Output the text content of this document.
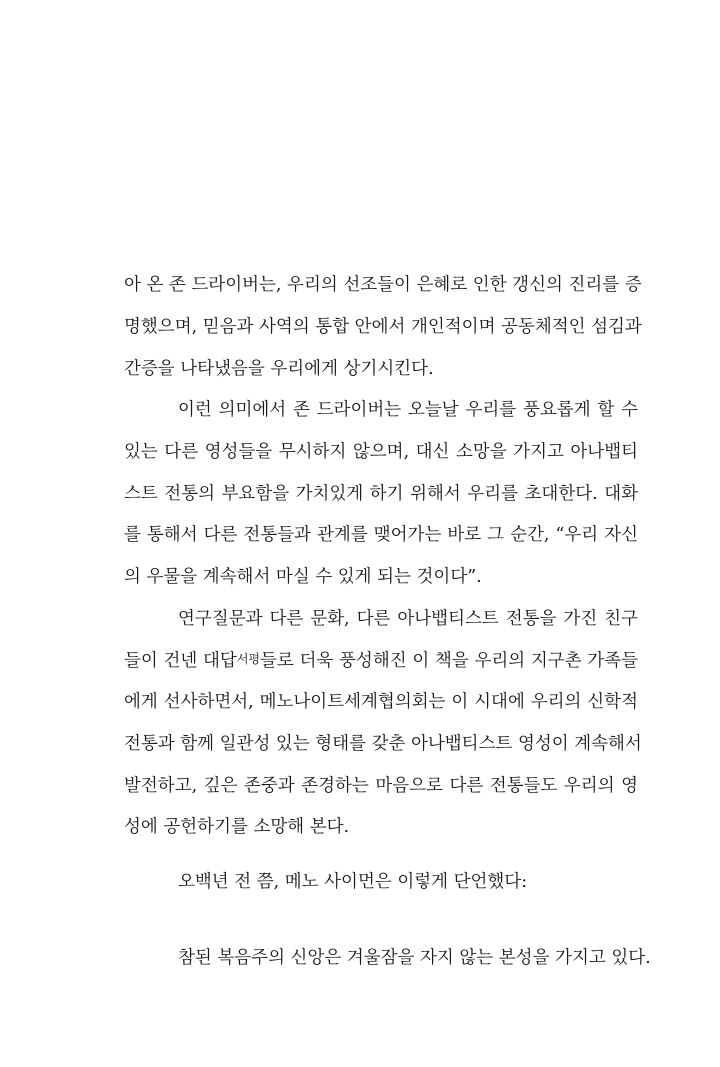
아 온 존 드라이버는, 우리의 선조들이 은혜로 인한 갱신의 진리를 증
명했으며, 믿음과 사역의 통합 안에서 개인적이며 공동체적인 섬김과
간증을 나타냈음을 우리에게 상기시킨다.
이런 의미에서 존 드라이버는 오늘날 우리를 풍요롭게 할 수
있는 다른 영성들을 무시하지 않으며, 대신 소망을 가지고 아나뱁티
스트 전통의 부요함을 가치있게 하기 위해서 우리를 초대한다. 대화
를 통해서 다른 전통들과 관계를 맺어가는 바로 그 순간, “우리 자신
의 우물을 계속해서 마실 수 있게 되는 것이다”.
연구질문과 다른 문화, 다른 아나뱁티스트 전통을 가진 친구
들이 건넨 대답서평들로 더욱 풍성해진 이 책을 우리의 지구촌 가족들
에게 선사하면서, 메노나이트세계협의회는 이 시대에 우리의 신학적
전통과 함께 일관성 있는 형태를 갖춘 아나뱁티스트 영성이 계속해서
발전하고, 깊은 존중과 존경하는 마음으로 다른 전통들도 우리의 영
성에 공헌하기를 소망해 본다.
오백년 전 쯤, 메노 사이먼은 이렇게 단언했다:
참된 복음주의 신앙은 겨울잠을 자지 않는 본성을 가지고 있다.
